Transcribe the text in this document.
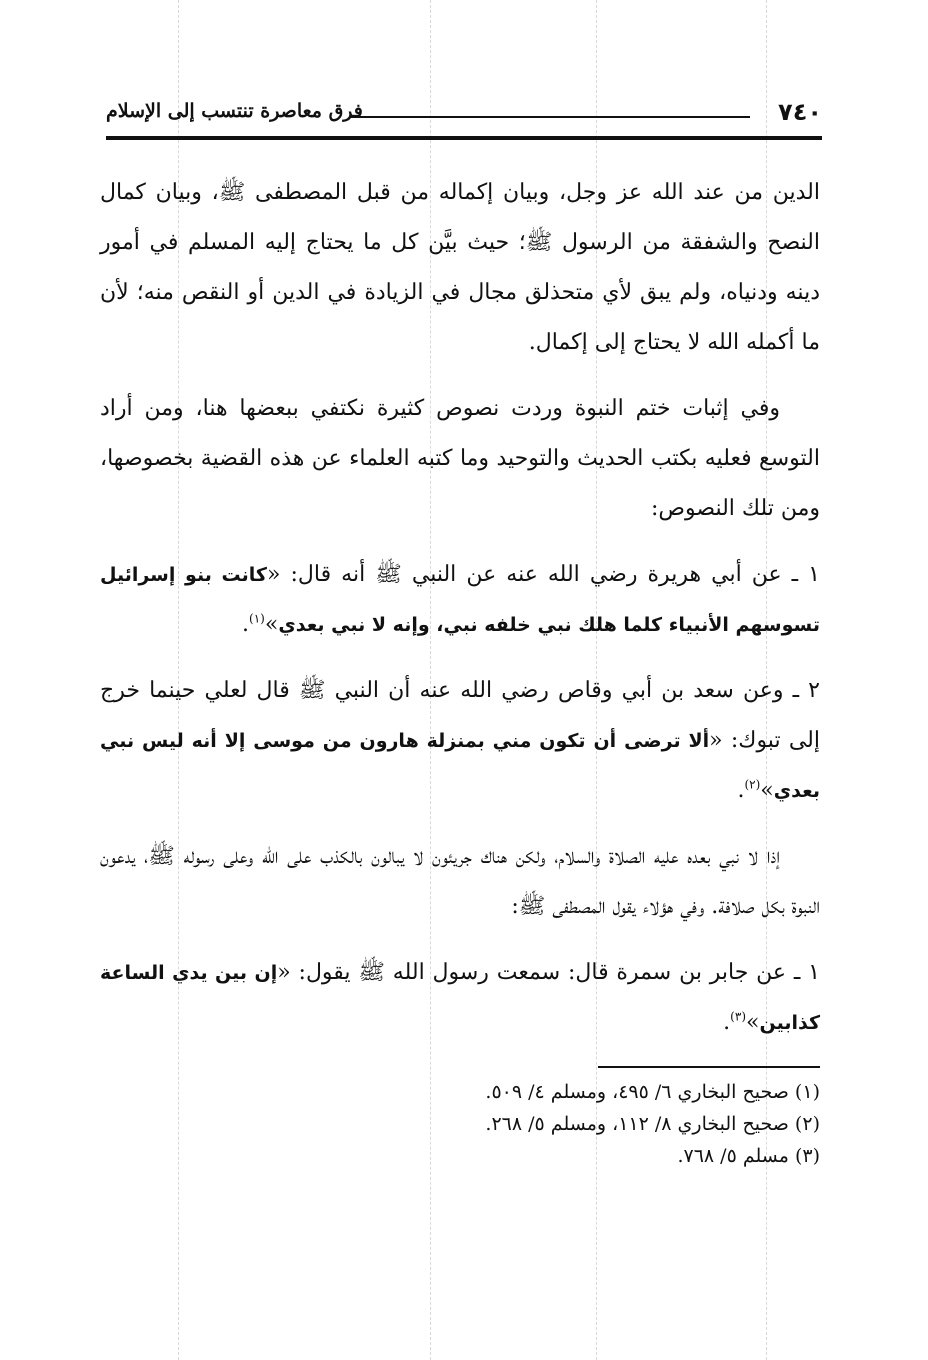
٧٤٠
فرق معاصرة تنتسب إلى الإسلام

الدين من عند الله عز وجل، وبيان إكماله من قبل المصطفى ﷺ، وبيان كمال النصح والشفقة من الرسول ﷺ؛ حيث بيَّن كل ما يحتاج إليه المسلم في أمور دينه ودنياه، ولم يبق لأي متحذلق مجال في الزيادة في الدين أو النقص منه؛ لأن ما أكمله الله لا يحتاج إلى إكمال.

وفي إثبات ختم النبوة وردت نصوص كثيرة نكتفي ببعضها هنا، ومن أراد التوسع فعليه بكتب الحديث والتوحيد وما كتبه العلماء عن هذه القضية بخصوصها، ومن تلك النصوص:

١ ـ عن أبي هريرة رضي الله عنه عن النبي ﷺ أنه قال: «كانت بنو إسرائيل تسوسهم الأنبياء كلما هلك نبي خلفه نبي، وإنه لا نبي بعدي»$^{(١)}$.

٢ ـ وعن سعد بن أبي وقاص رضي الله عنه أن النبي ﷺ قال لعلي حينما خرج إلى تبوك: «ألا ترضى أن تكون مني بمنزلة هارون من موسى إلا أنه ليس نبي بعدي»$^{(٢)}$.

إذا لا نبي بعده عليه الصلاة والسلام، ولكن هناك جريئون لا يبالون بالكذب على الله وعلى رسوله ﷺ، يدعون النبوة بكل صلافة. وفي هؤلاء يقول المصطفى ﷺ:

١ ـ عن جابر بن سمرة قال: سمعت رسول الله ﷺ يقول: «إن بين يدي الساعة كذابين»$^{(٣)}$.

(١) صحيح البخاري ٦/ ٤٩٥، ومسلم ٤/ ٥٠٩.
(٢) صحيح البخاري ٨/ ١١٢، ومسلم ٥/ ٢٦٨.
(٣) مسلم ٥/ ٧٦٨.
